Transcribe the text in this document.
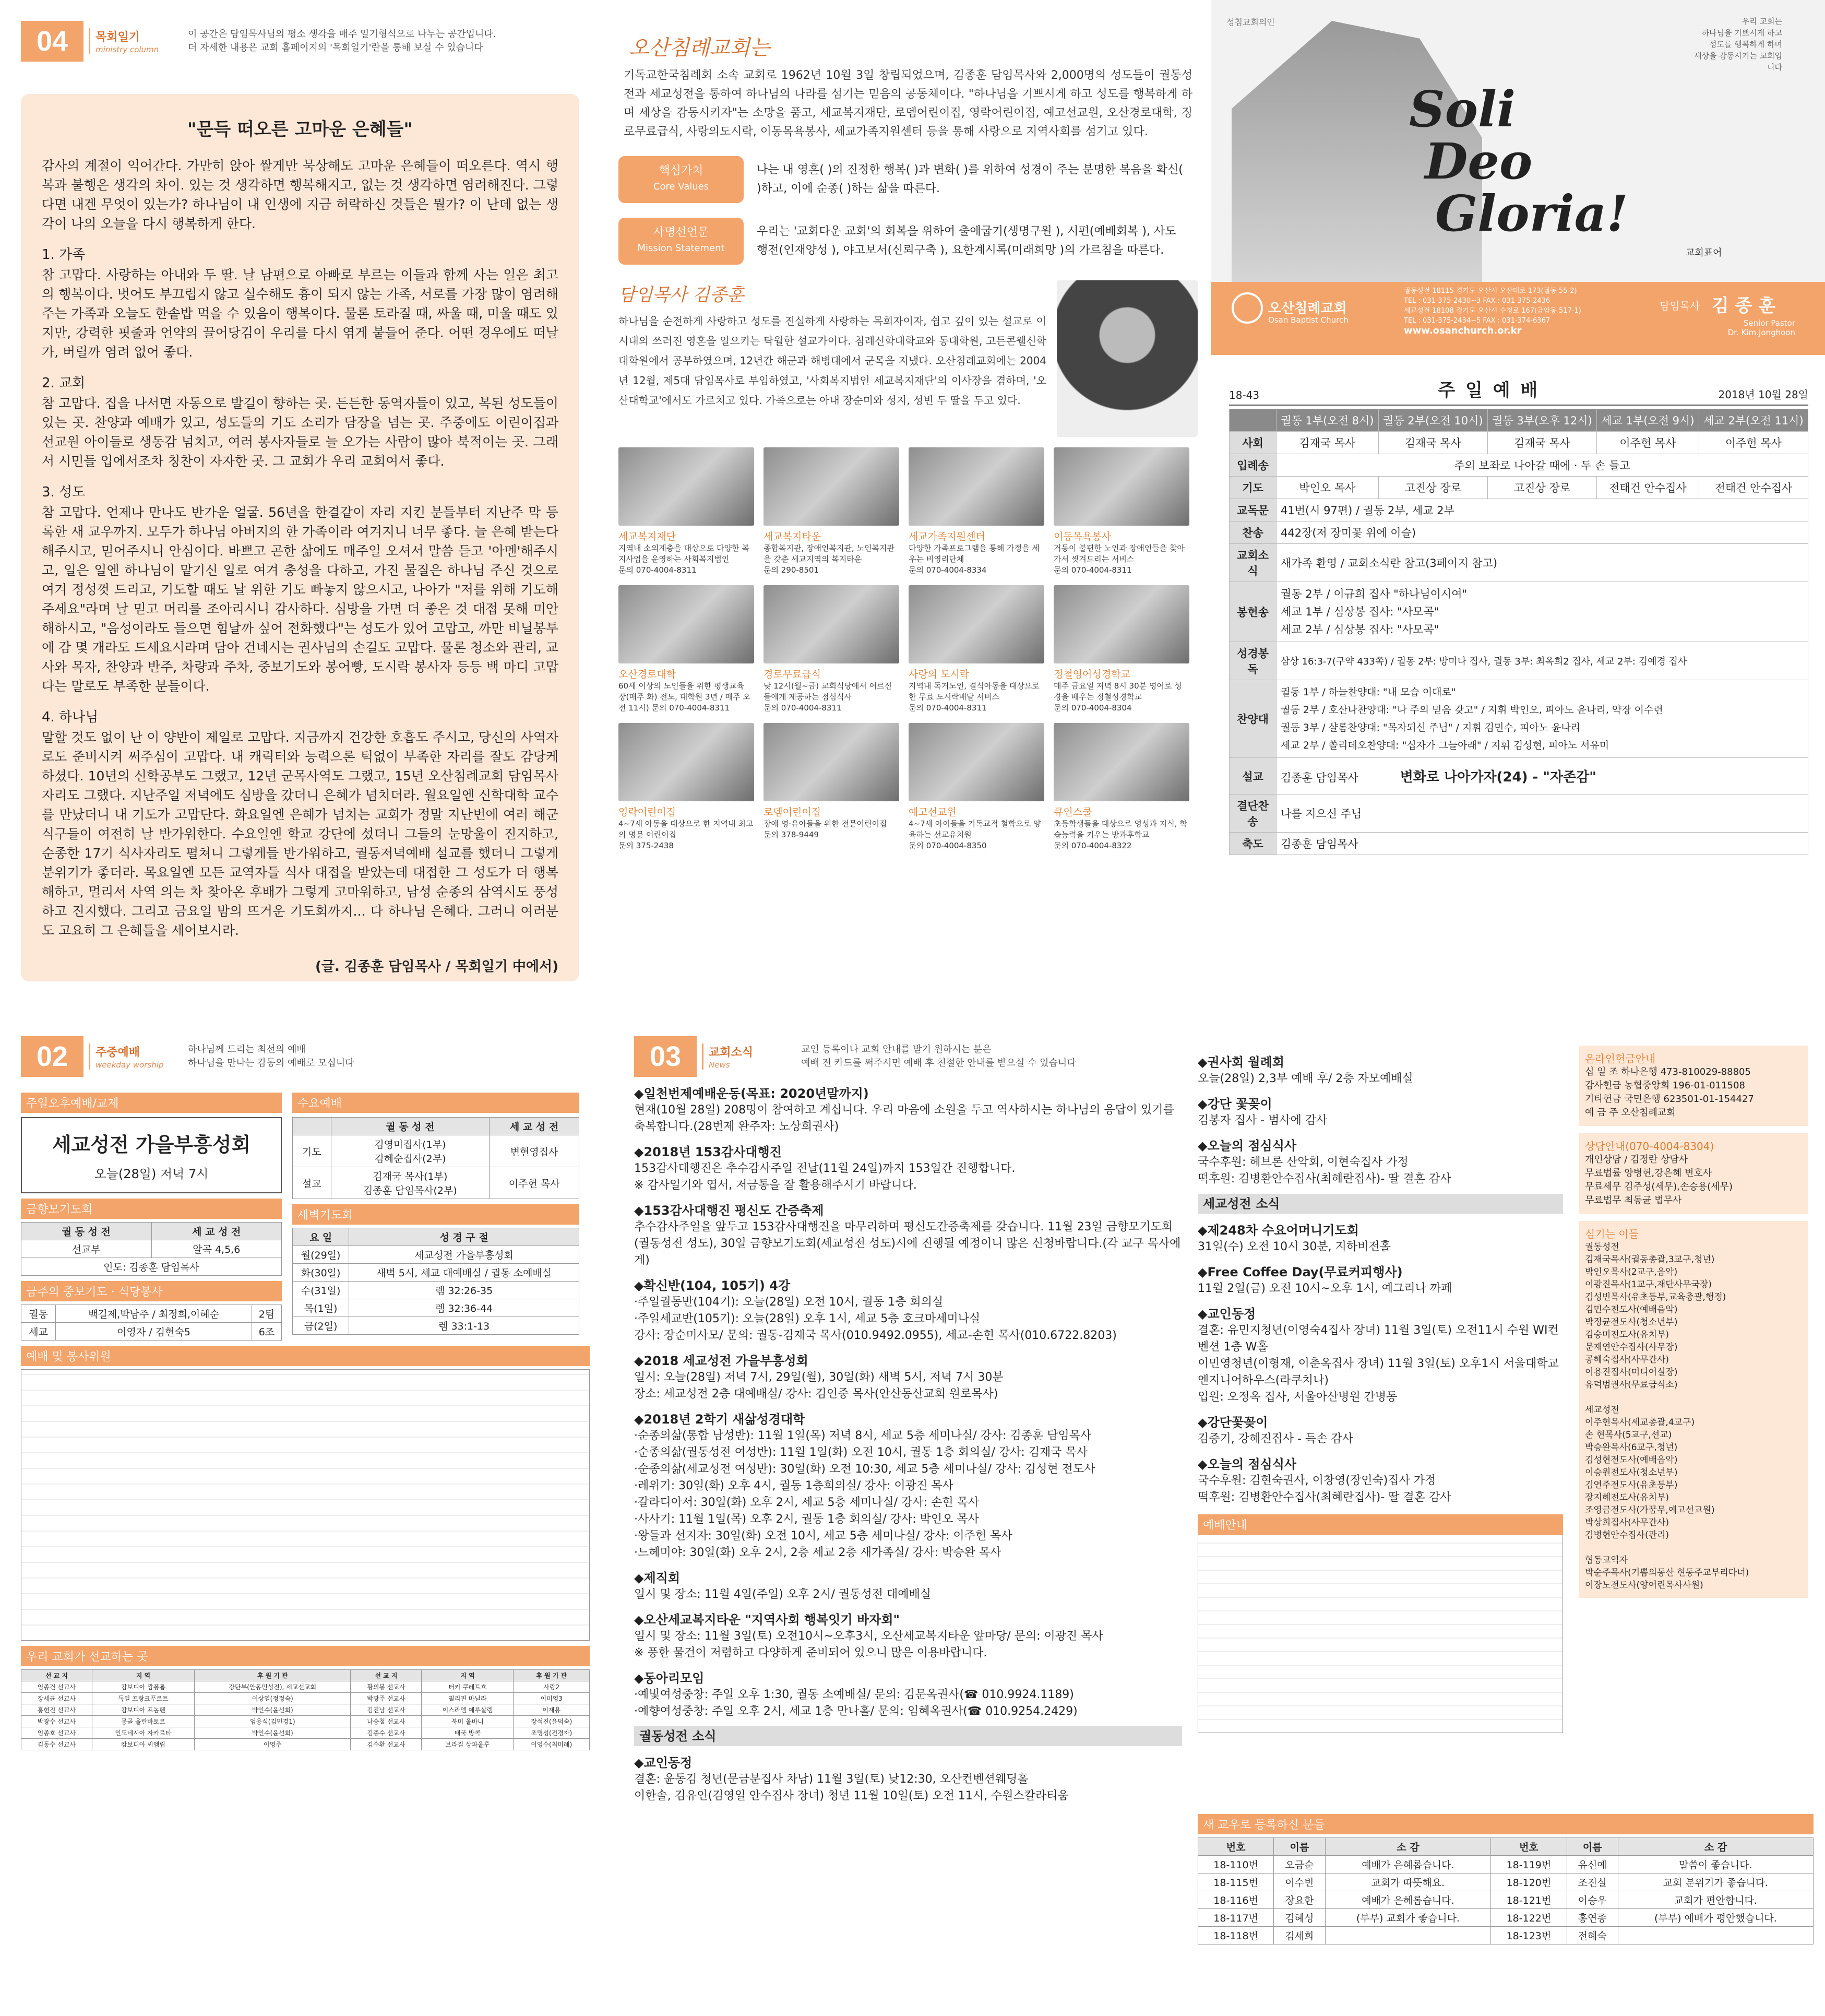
04	목회일기
ministry column
이 공간은 담임목사님의 평소 생각을 매주 일기형식으로 나누는 공간입니다.
더 자세한 내용은 교회 홈페이지의 '목회일기'란을 통해 보실 수 있습니다
"문득 떠오른 고마운 은혜들"

감사의 계절이 익어간다. 가만히 앉아 쌀게만 묵상해도 고마운 은혜들이 떠오른다. 역시 행복과 불행은 생각의 차이. 있는 것 생각하면 행복해지고, 없는 것 생각하면 염려해진다. 그렇다면 내겐 무엇이 있는가? 하나님이 내 인생에 지금 허락하신 것들은 뭘가? 이 난데 없는 생각이 나의 오늘을 다시 행복하게 한다.

1. 가족

참 고맙다. 사랑하는 아내와 두 딸. 날 남편으로 아빠로 부르는 이들과 함께 사는 일은 최고의 행복이다. 벗어도 부끄럽지 않고 실수해도 흉이 되지 않는 가족, 서로를 가장 많이 염려해주는 가족과 오늘도 한솥밥 먹을 수 있음이 행복이다. 물론 토라질 때, 싸울 때, 미울 때도 있지만, 강력한 핏줄과 언약의 끌어당김이 우리를 다시 엮게 붙들어 준다. 어떤 경우에도 떠날가, 버릴까 염려 없어 좋다.

2. 교회

참 고맙다. 집을 나서면 자동으로 발길이 향하는 곳. 든든한 동역자들이 있고, 복된 성도들이 있는 곳. 찬양과 예배가 있고, 성도들의 기도 소리가 담장을 넘는 곳. 주중에도 어린이집과 선교원 아이들로 생동감 넘치고, 여러 봉사자들로 늘 오가는 사람이 많아 북적이는 곳. 그래서 시민들 입에서조차 칭찬이 자자한 곳. 그 교회가 우리 교회여서 좋다.

3. 성도

참 고맙다. 언제나 만나도 반가운 얼굴. 56년을 한결같이 자리 지킨 분들부터 지난주 막 등록한 새 교우까지. 모두가 하나님 아버지의 한 가족이라 여겨지니 너무 좋다. 늘 은혜 받는다 해주시고, 믿어주시니 안심이다. 바쁘고 곤한 삶에도 매주일 오셔서 말씀 듣고 '아멘'해주시고, 일은 일엔 하나님이 맡기신 일로 여겨 충성을 다하고, 가진 물질은 하나님 주신 것으로 여겨 정성껏 드리고, 기도할 때도 날 위한 기도 빠놓지 않으시고, 나아가 "저를 위해 기도해주세요"라며 날 믿고 머리를 조아리시니 감사하다. 심방을 가면 더 좋은 것 대접 못해 미안해하시고, "음성이라도 들으면 힘날까 싶어 전화했다"는 성도가 있어 고맙고, 까만 비닐봉투에 감 몇 개라도 드세요시라며 담아 건네시는 권사님의 손길도 고맙다. 물론 청소와 관리, 교사와 목자, 찬양과 반주, 차량과 주차, 중보기도와 봉어빵, 도시락 봉사자 등등 백 마디 고맙다는 말로도 부족한 분들이다.

4. 하나님

말할 것도 없이 난 이 양반이 제일로 고맙다. 지금까지 건강한 호흡도 주시고, 당신의 사역자로도 준비시켜 써주심이 고맙다. 내 캐릭터와 능력으론 턱없이 부족한 자리를 잘도 감당케 하셨다. 10년의 신학공부도 그랬고, 12년 군목사역도 그랬고, 15년 오산침례교회 담임목사 자리도 그랬다. 지난주일 저녁에도 심방을 갔더니 은혜가 넘치더라. 월요일엔 신학대학 교수를 만났더니 내 기도가 고맙단다. 화요일엔 은혜가 넘치는 교회가 정말 지난번에 여러 해군 식구들이 여전히 날 반가워한다. 수요일엔 학교 강단에 섰더니 그들의 눈망울이 진지하고, 순종한 17기 식사자리도 펼쳐니 그렇게들 반가워하고, 궐동저녁예배 설교를 했더니 그렇게 분위기가 좋더라. 목요일엔 모든 교역자들 식사 대접을 받았는데 대접한 그 성도가 더 행복해하고, 멀리서 사역 의는 차 찾아온 후배가 그렇게 고마워하고, 남성 순종의 삼역시도 풍성하고 진지했다. 그리고 금요일 밤의 뜨거운 기도회까지... 다 하나님 은혜다. 그러니 여러분도 고요히 그 은혜들을 세어보시라.

(글. 김종훈 담임목사 / 목회일기 中에서)
오산침례교회는

기독교한국침례회 소속 교회로 1962년 10월 3일 창립되었으며, 김종훈 담임목사와 2,000명의 성도들이 궐동성전과 세교성전을 통하여 하나님의 나라를 섬기는 믿음의 공동체이다. "하나님을 기쁘시게 하고 성도를 행복하게 하며 세상을 감동시키자"는 소망을 품고, 세교복지재단, 로뎀어린이집, 영락어린이집, 예고선교원, 오산경로대학, 징로무료급식, 사랑의도시락, 이동목욕봉사, 세교가족지원센터 등을 통해 사랑으로 지역사회를 섬기고 있다.

핵심가치
Core Values

나는 내 영혼( )의 진정한 행복( )과 변화( )를 위하여 성경이 주는 분명한 복음을 확신( )하고, 이에 순종( )하는 삶을 따른다.

사명선언문
Mission Statement

우리는 '교회다운 교회'의 회복을 위하여 출애굽기(생명구원 ), 시편(예배회복 ), 사도행전(인재양성 ), 야고보서(신뢰구축 ), 요한계시록(미래희망 )의 가르침을 따른다.

담임목사 김종훈

하나님을 순전하게 사랑하고 성도를 진실하게 사랑하는 목회자이자, 쉽고 깊이 있는 설교로 이 시대의 쓰러진 영혼을 일으키는 탁월한 설교가이다. 침례신학대학교와 동대학원, 고든콘웰신학대학원에서 공부하였으며, 12년간 해군과 해병대에서 군목을 지냈다. 오산침례교회에는 2004년 12월, 제5대 담임목사로 부임하였고, '사회복지법인 세교복지재단'의 이사장을 겸하며, '오산대학교'에서도 가르치고 있다. 가족으로는 아내 장순미와 성지, 성빈 두 딸을 두고 있다.

세교복지재단
지역내 소외계층을 대상으로 다양한 복지사업을 운영하는 사회복지법인
문의 070-4004-8311
세교복지타운
종합복지관, 장애인복지관, 노인복지관을 갖춘 세교지역의 복지타운
문의 290-8501
세교가족지원센터
다양한 가족프로그램을 통해 가정을 세우는 비영리단체
문의 070-4004-8334
이동목욕봉사
거동이 불편한 노인과 장애인들을 찾아가서 씻겨드리는 서비스
문의 070-4004-8311
오산경로대학
60세 이상의 노인들을 위한 평생교육 장(매주 화) 전도, 대학원 3년 / 매주 오전 11시) 문의 070-4004-8311
경로무료급식
낮 12시(월~금) 교회식당에서 어르신들에게 제공하는 점심식사
문의 070-4004-8311
사랑의 도시락
지역내 독거노인, 결식아동을 대상으로 한 무료 도시락배달 서비스
문의 070-4004-8311
정철영어성경학교
매주 금요일 저녁 8시 30분 영어로 성경을 배우는 정철성경학교
문의 070-4004-8304
영락어린이집
4~7세 아동을 대상으로 한 지역내 최고의 명문 어린이집
문의 375-2438
로뎀어린이집
장애 영·유아들을 위한 전문어린이집
문의 378-9449
예고선교원
4~7세 아이들을 기독교적 철학으로 양육하는 선교유치원
문의 070-4004-8350
큐인스쿨
초등학생들을 대상으로 영성과 지식, 학습능력을 키우는 방과후학교
문의 070-4004-8322
성침교회의인	우리 교회는
하나님을 기쁘시게 하고
성도를 행복하게 하며
세상을 감동시키는 교회입니다
Soli
Deo
Gloria!
교회표어
오산침례교회
Osan Baptist Church
궐동성전 18115 경기도 오산시 오산대로 173(궐동 55-2)
TEL : 031-375-2430~3 FAX : 031-375-2436
세교성전 18108 경기도 오산시 수청로 167(금암동 517-1)
TEL : 031-375-2434~5 FAX : 031-374-6367
www.osanchurch.or.kr
담임목사 김 종 훈
Senior Pastor
Dr. Kim.Jonghoon
18-43	주 일 예 배	2018년 10월 28일
	궐동 1부(오전 8시)	궐동 2부(오전 10시)	궐동 3부(오후 12시)	세교 1부(오전 9시)	세교 2부(오전 11시)
사회	김재국 목사	김재국 목사	김재국 목사	이주헌 목사	이주헌 목사
입례송	주의 보좌로 나아갈 때에 · 두 손 들고				
기도	박인오 목사	고진상 장로	고진상 장로	전태건 안수집사	전태건 안수집사
교독문	41번(시 97편) / 궐동 2부, 세교 2부				
찬송	442장(저 장미꽃 위에 이슬)				
교회소식	새가족 환영 / 교회소식란 참고(3페이지 참고)				
봉헌송	궐동 2부 / 이규희 집사 "하나님이시여"
세교 1부 / 심상봉 집사: "사모곡"
세교 2부 / 심상봉 집사: "사모곡"				

성경봉독	삼상 16:3-7(구약 433쪽) / 궐동 2부: 방미나 집사, 궐동 3부: 최옥희2 집사, 세교 2부: 김예경 집사				
찬양대	궐동 1부 / 하늘찬양대: "내 모습 이대로"
궐동 2부 / 호산나찬양대: "나 주의 믿음 갖고" / 지휘 박인오, 피아노 윤나리, 약장 이수련
궐동 3부 / 샬롬찬양대: "목자되신 주님" / 지휘 김민수, 피아노 윤나리
세교 2부 / 쏠리데오찬양대: "십자가 그늘아래" / 지휘 김성현, 피아노 서유미				

설교	김종훈 담임목사 변화로 나아가자(24) - "자존감"				
결단찬송	나를 지으신 주님				
축도	김종훈 담임목사				
02	주중예배
weekday worship
하나님께 드리는 최선의 예배
하나님을 만나는 감동의 예배로 모십니다
주일오후예배/교제
세교성전 가을부흥성회
오늘(28일) 저녁 7시
금향모기도회
궐 동 성 전	세 교 성 전
선교부	알곡 4,5,6
인도: 김종훈 담임목사	
금주의 중보기도 · 식당봉사
궐동	백길제,박남주 / 최정희,이혜순	2팀
세교	이영자 / 김현숙5	6조
수요예배
	궐 동 성 전	세 교 성 전
기도	김영미집사(1부)
김혜순집사(2부)	변현영집사
설교	김재국 목사(1부)
김종훈 담임목사(2부)	이주헌 목사
새벽기도회
요 일	성 경 구 절
월(29일)	세교성전 가을부흥성회
화(30일)	새벽 5시, 세교 대예배실 / 궐동 소예배실
수(31일)	렘 32:26-35
목(1일)	렘 32:36-44
금(2일)	렘 33:1-13
예배 및 봉사위원
우리 교회가 선교하는 곳
선 교 지	지 역	후 원 기 관	선 교 지	지 역	후 원 기 관
임종건 선교사	캄보디아 깜퐁톰	강단부(안동민성전), 세교선교회	황의봉 선교사	터키 쿠레트흐	사랑2
장세균 선교사	독일 프랑크푸르트	이상열(정정숙)	박광주 선교사	필리핀 마닐라	이미영3
홍현진 선교사	캄보디아 프놈펜	박인수(윤선희)	김진남 선교사	이스라엘 예루살렘	이재용
박광수 선교사	몽골 올란바토르	엄용식(김민경1)	나승철 선교사	북미 올바니	장석진(윤덕숙)
임종호 선교사	인도네시아 자카르타	박인수(윤선희)	김종수 선교사	태국 방콕	조명성(전경자)
김동수 선교사	캄보디아 씨엠립	이영주	김수환 선교사	브라질 상파울루	이영수(최미례)
03	교회소식
News
교인 등록이나 교회 안내를 받기 원하시는 분은
예배 전 카드를 써주시면 예배 후 친절한 안내를 받으실 수 있습니다
◆일천번제예배운동(목표: 2020년말까지)
현재(10월 28일) 208명이 참여하고 계십니다. 우리 마음에 소원을 두고 역사하시는 하나님의 응답이 있기를 축복합니다.(28번제 완주자: 노상희권사)
◆2018년 153감사대행진
153감사대행진은 추수감사주일 전날(11월 24일)까지 153일간 진행합니다.
※ 감사일기와 엽서, 저금통을 잘 활용해주시기 바랍니다.
◆153감사대행진 평신도 간증축제
추수감사주일을 앞두고 153감사대행진을 마무리하며 평신도간증축제를 갖습니다. 11월 23일 금향모기도회(궐동성전 성도), 30일 금향모기도회(세교성전 성도)시에 진행될 예정이니 많은 신청바랍니다.(각 교구 목사에게)
◆확신반(104, 105기) 4강
·주일궐동반(104기): 오늘(28일) 오전 10시, 궐동 1층 회의실
·주일세교반(105기): 오늘(28일) 오후 1시, 세교 5층 호크마세미나실
강사: 장순미사모/ 문의: 궐동-김재국 목사(010.9492.0955), 세교-손현 목사(010.6722.8203)
◆2018 세교성전 가을부흥성회
일시: 오늘(28일) 저녁 7시, 29일(월), 30일(화) 새벽 5시, 저녁 7시 30분
장소: 세교성전 2층 대예배실/ 강사: 김인중 목사(안산동산교회 원로목사)
◆2018년 2학기 새삶성경대학
·순종의삶(통합 남성반): 11월 1일(목) 저녁 8시, 세교 5층 세미나실/ 강사: 김종훈 담임목사
·순종의삶(궐동성전 여성반): 11월 1일(화) 오전 10시, 궐동 1층 회의실/ 강사: 김재국 목사
·순종의삶(세교성전 여성반): 30일(화) 오전 10:30, 세교 5층 세미나실/ 강사: 김성현 전도사
·레위기: 30일(화) 오후 4시, 궐동 1층회의실/ 강사: 이광진 목사
·갈라디아서: 30일(화) 오후 2시, 세교 5층 세미나실/ 강사: 손현 목사
·사사기: 11월 1일(목) 오후 2시, 궐동 1층 회의실/ 강사: 박인오 목사
·왕들과 선지자: 30일(화) 오전 10시, 세교 5층 세미나실/ 강사: 이주헌 목사
·느헤미야: 30일(화) 오후 2시, 2층 세교 2층 새가족실/ 강사: 박승완 목사
◆제직회
일시 및 장소: 11월 4일(주일) 오후 2시/ 궐동성전 대예배실
◆오산세교복지타운 "지역사회 행복잇기 바자회"
일시 및 장소: 11월 3일(토) 오전10시~오후3시, 오산세교복지타운 앞마당/ 문의: 이광진 목사
※ 풍한 물건이 저렴하고 다양하게 준비되어 있으니 많은 이용바랍니다.
◆동아리모임
·예빛여성중창: 주일 오후 1:30, 궐동 소예배실/ 문의: 김문옥권사(☎ 010.9924.1189)
·예향여성중창: 주일 오후 2시, 세교 1층 만나홀/ 문의: 임혜옥권사(☎ 010.9254.2429)
궐동성전 소식
◆교인동정
결혼: 윤동김 청년(문금분집사 차남) 11월 3일(토) 낮12:30, 오산컨벤션웨딩홀
이한솔, 김유인(김영일 안수집사 장녀) 청년 11월 10일(토) 오전 11시, 수원스칼라티움
◆권사회 월례회
오늘(28일) 2,3부 예배 후/ 2층 자모예배실
◆강단 꽃꽂이
김봉자 집사 - 범사에 감사
◆오늘의 점심식사
국수후원: 헤브론 산악회, 이현숙집사 가정
떡후원: 김병환안수집사(최혜란집사)- 딸 결혼 감사
세교성전 소식
◆제248차 수요어머니기도회
31일(수) 오전 10시 30분, 지하비전홀
◆Free Coffee Day(무료커피행사)
11월 2일(금) 오전 10시~오후 1시, 예그리나 까페
◆교인동정
결혼: 유민지청년(이영숙4집사 장녀) 11월 3일(토) 오전11시 수원 WI컨벤션 1층 W홀
이민영청년(이형재, 이춘옥집사 장녀) 11월 3일(토) 오후1시 서울대학교 엔지니어하우스(라쿠치나)
입원: 오정옥 집사, 서울아산병원 간병동
◆강단꽃꽂이
김증기, 강혜진집사 - 득손 감사
◆오늘의 점심식사
국수후원: 김현숙권사, 이창영(장인숙)집사 가정
떡후원: 김병환안수집사(최혜란집사)- 딸 결혼 감사
예배안내
온라인헌금안내
십 일 조 하나은행 473-810029-88805
감사헌금 농협중앙회 196-01-011508
기타헌금 국민은행 623501-01-154427
예 금 주 오산침례교회
상담안내(070-4004-8304)
개인상담 / 김정란 상담사
무료법률 양병현,강은혜 변호사
무료세무 김주성(세무),손승용(세무)
무료법무 최동균 법무사
심기는 이들
궐동성전
김재국목사(궐동총괄,3교구,청년)
박인오목사(2교구,음악)
이광진목사(1교구,재단사무국장)
김성빈목사(유초등부,교육총괄,행정)
김민수전도사(예배음악)
박정균전도사(청소년부)
김승미전도사(유치부)
문재연안수집사(사무장)
공혜숙집사(사무간사)
이용진집사(미디어실장)
유덕범권사(무료급식소)

세교성전
이주헌목사(세교총괄,4교구)
손 현목사(5교구,선교)
박승완목사(6교구,청년)
김성현전도사(예배음악)
이승원전도사(청소년부)
김연주전도사(유초등부)
장지혜전도사(유치부)
조영금전도사(가꿈무,예고선교원)
박상희집사(사무간사)
김병현안수집사(관리)

협동교역자
박순주목사(기쁨의동산 현동주교부리다녀)
이장노전도사(양어린목사사원)
새 교우로 등록하신 분들
번호	이름	소 감	번호	이름	소 감
18-110번	오금순	예배가 은혜롭습니다.	18-119번	유신예	말씀이 좋습니다.
18-115번	이수빈	교회가 따뜻해요.	18-120번	조진실	교회 분위기가 좋습니다.
18-116번	장요한	예배가 은혜롭습니다.	18-121번	이승우	교회가 편안합니다.
18-117번	김혜성	(부부) 교회가 좋습니다.	18-122번	홍연종	(부부) 예배가 평안했습니다.
18-118번	김세희		18-123번	전혜숙	
